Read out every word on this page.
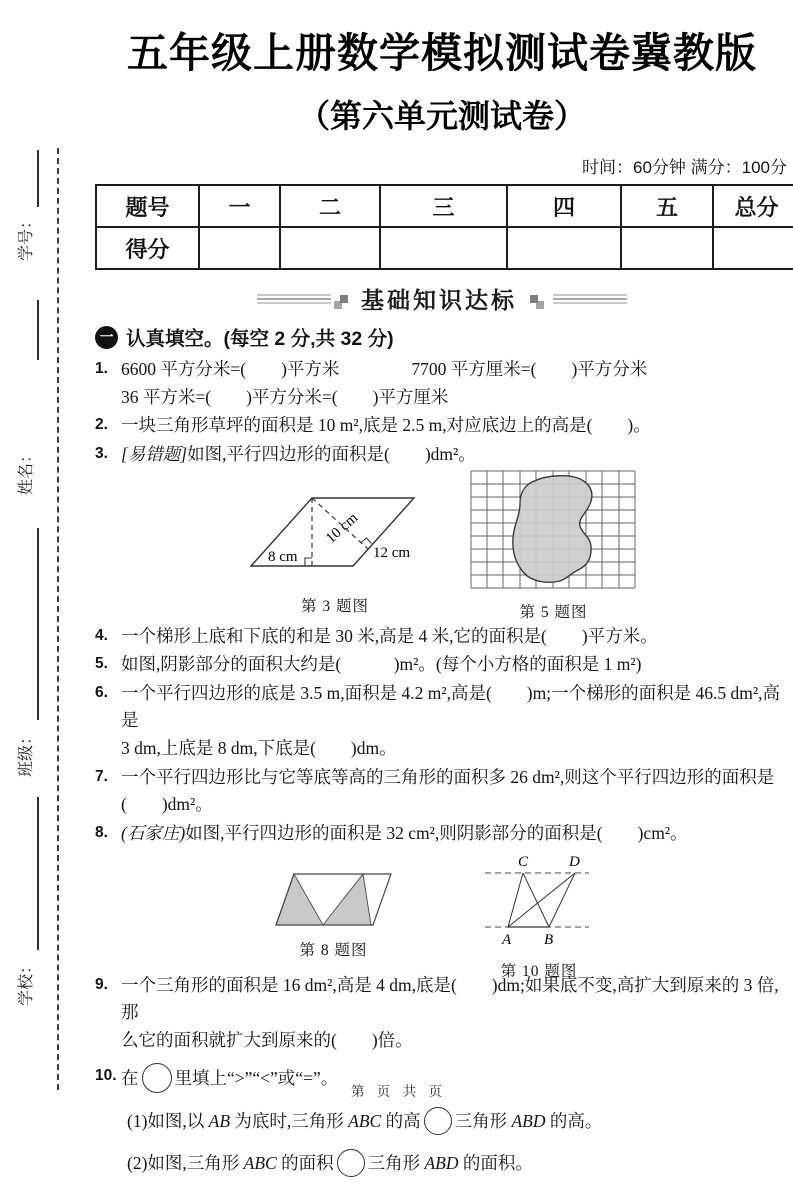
学号：
姓名：
班级：
学校：
五年级上册数学模拟测试卷冀教版
（第六单元测试卷）
时间：60分钟 满分：100分
题号	一	二	三	四	五	总分
得分						
基础知识达标
一 认真填空。(每空 2 分,共 32 分)
1. 6600 平方分米=(　　)平方米	7700 平方厘米=(　　)平方分米
36 平方米=(　　)平方分米=(　　)平方厘米
2. 一块三角形草坪的面积是 10 m²,底是 2.5 m,对应底边上的高是(　　)。
3. [易错题]如图,平行四边形的面积是(　　)dm²。
8 cm
10 cm
12 cm
第 3 题图	第 5 题图
4. 一个梯形上底和下底的和是 30 米,高是 4 米,它的面积是(　　)平方米。
5. 如图,阴影部分的面积大约是(　　　)m²。(每个小方格的面积是 1 m²)
6. 一个平行四边形的底是 3.5 m,面积是 4.2 m²,高是(　　)m;一个梯形的面积是 46.5 dm²,高是
3 dm,上底是 8 dm,下底是(　　)dm。
7. 一个平行四边形比与它等底等高的三角形的面积多 26 dm²,则这个平行四边形的面积是
(　　)dm²。
8. (石家庄)如图,平行四边形的面积是 32 cm²,则阴影部分的面积是(　　)cm²。
第 8 题图
C	D
A B
第 10 题图
9. 一个三角形的面积是 16 dm²,高是 4 dm,底是(　　)dm;如果底不变,高扩大到原来的 3 倍,那
么它的面积就扩大到原来的(　　)倍。
10. 在 里填上“>”“<”或“=”。
(1)如图,以 AB 为底时,三角形 ABC 的高 三角形 ABD 的高。
(2)如图,三角形 ABC 的面积 三角形 ABD 的面积。
第 页 共 页
